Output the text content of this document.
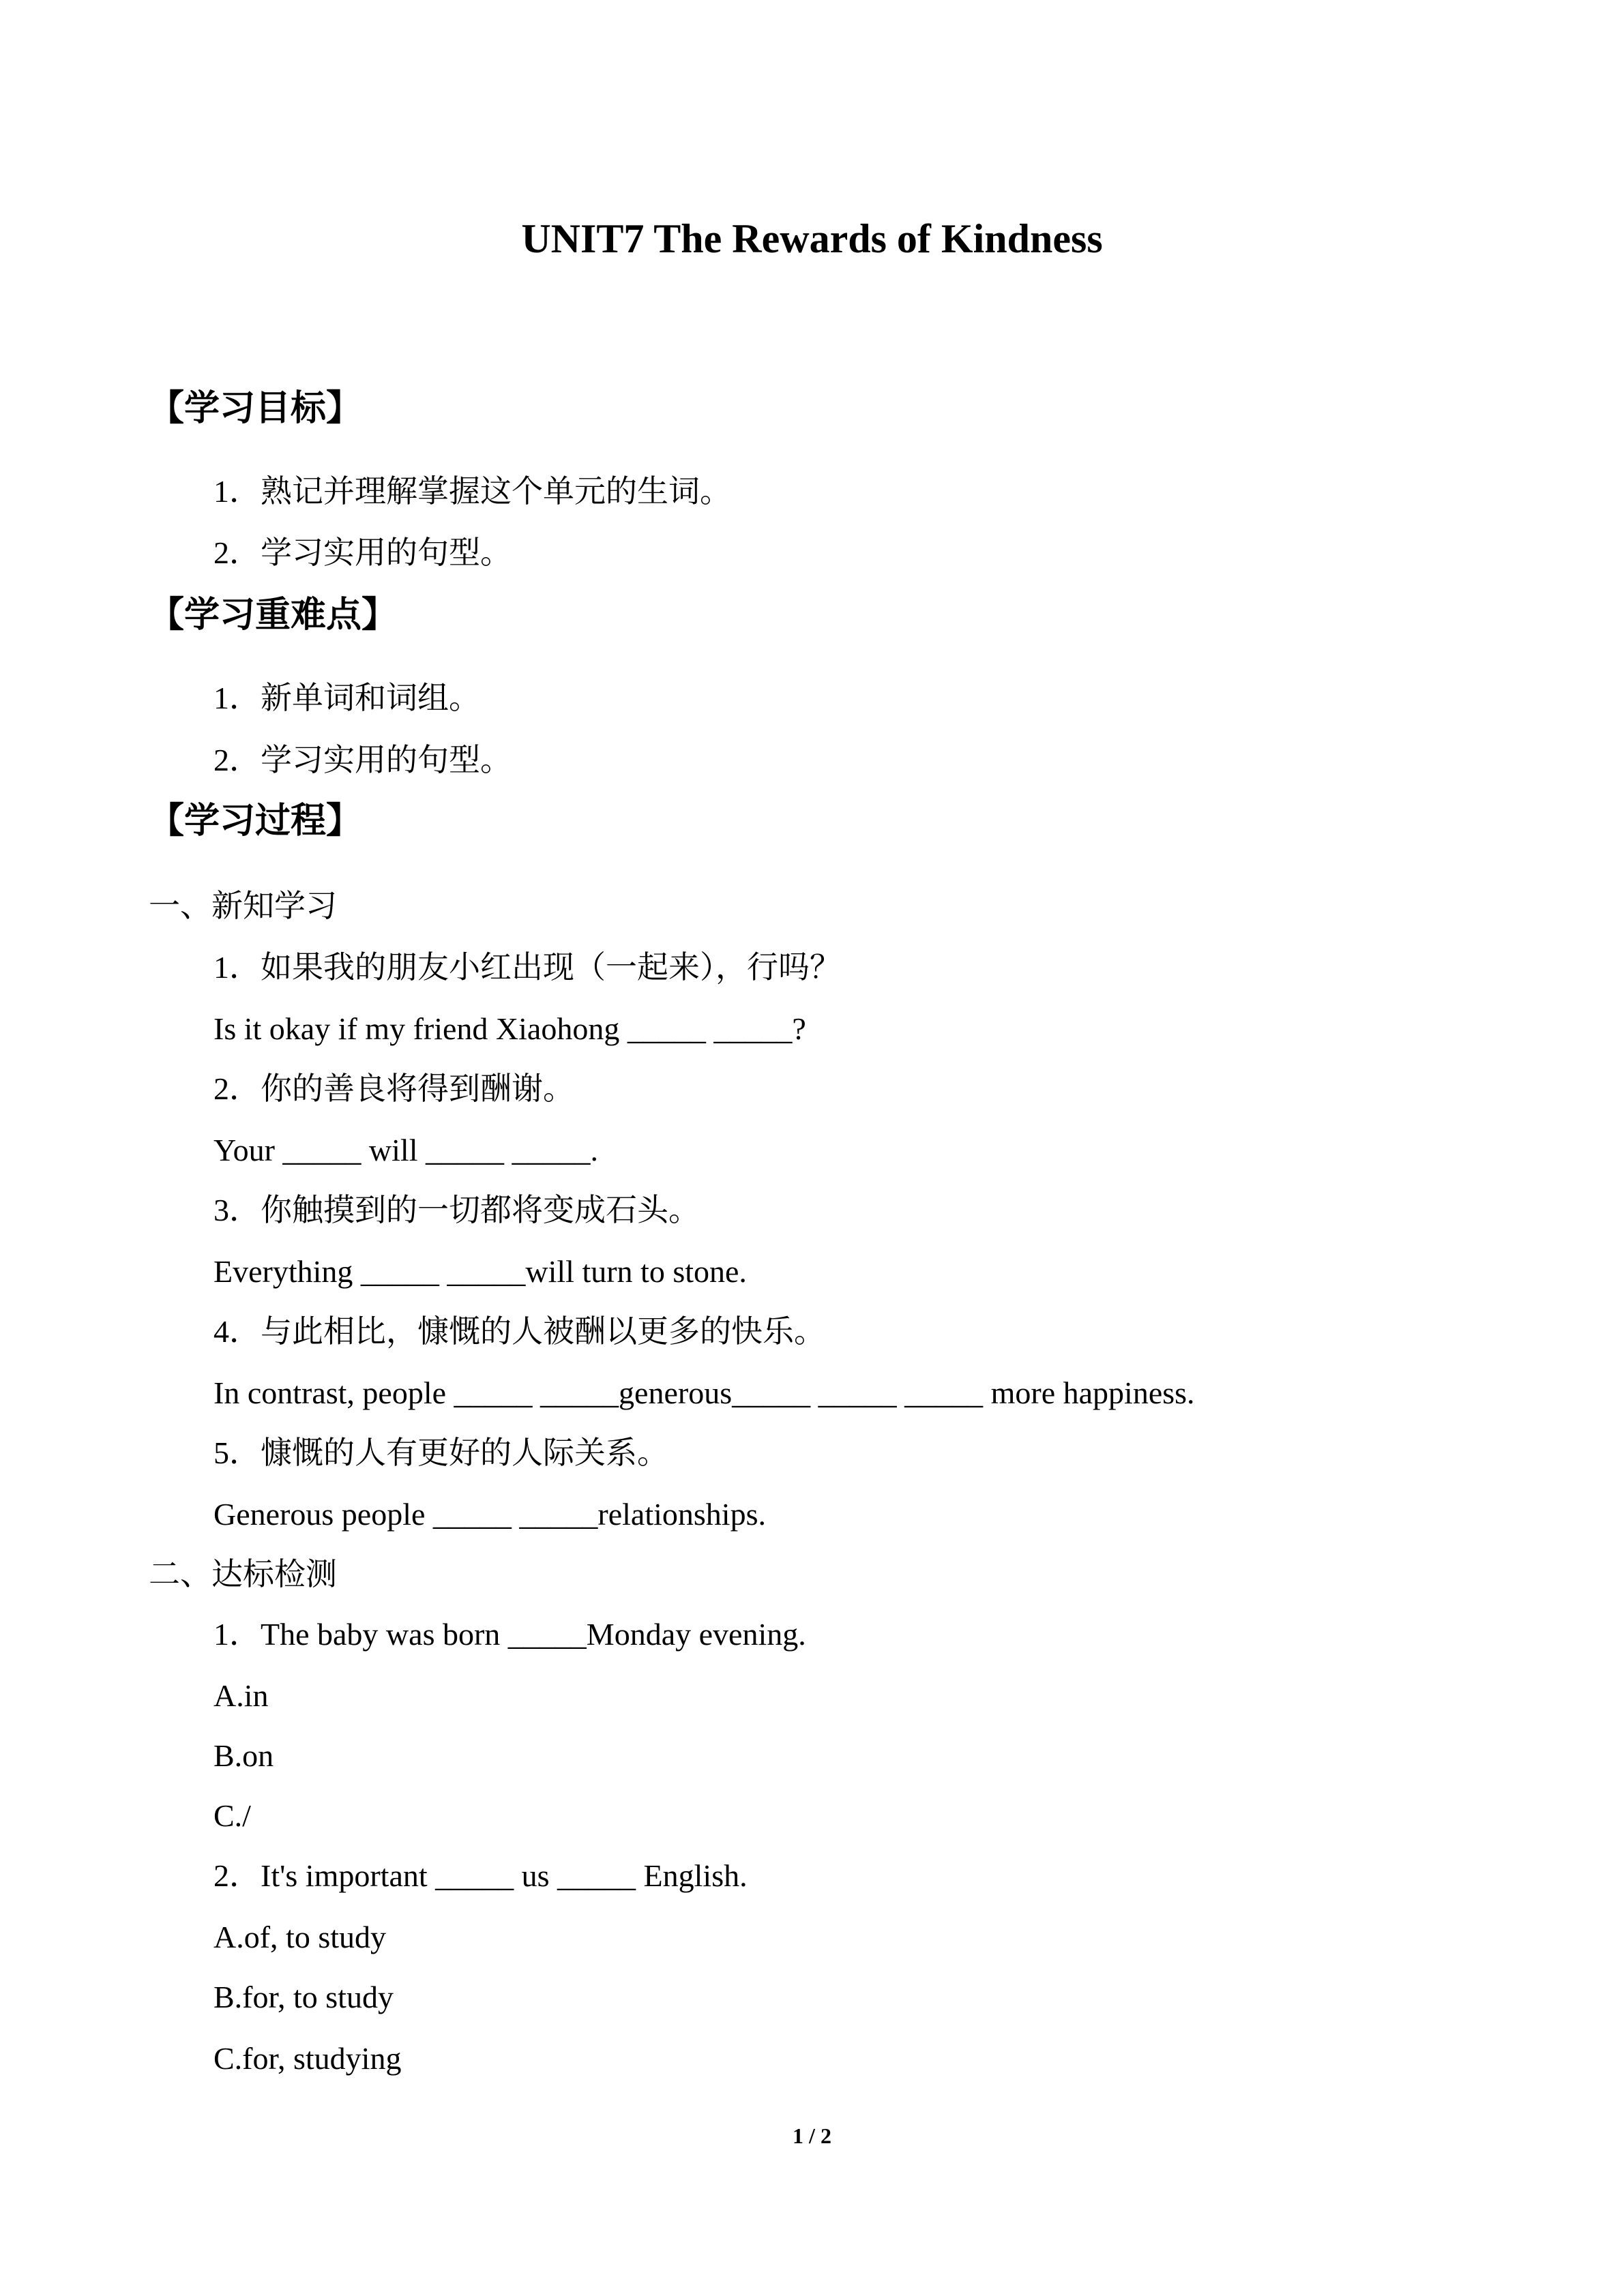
UNIT7 The Rewards of Kindness
【学习目标】
1．熟记并理解掌握这个单元的生词。
2．学习实用的句型。
【学习重难点】
1．新单词和词组。
2．学习实用的句型。
【学习过程】
一、新知学习
1．如果我的朋友小红出现（一起来），行吗？
Is it okay if my friend Xiaohong _____ _____?
2．你的善良将得到酬谢。
Your _____ will _____ _____.
3．你触摸到的一切都将变成石头。
Everything _____ _____will turn to stone.
4．与此相比，慷慨的人被酬以更多的快乐。
In contrast, people _____ _____generous_____ _____ _____ more happiness.
5．慷慨的人有更好的人际关系。
Generous people _____ _____relationships.
二、达标检测
1．The baby was born _____Monday evening.
A.in
B.on
C./
2．It's important _____ us _____ English.
A.of, to study
B.for, to study
C.for, studying
1 / 2
